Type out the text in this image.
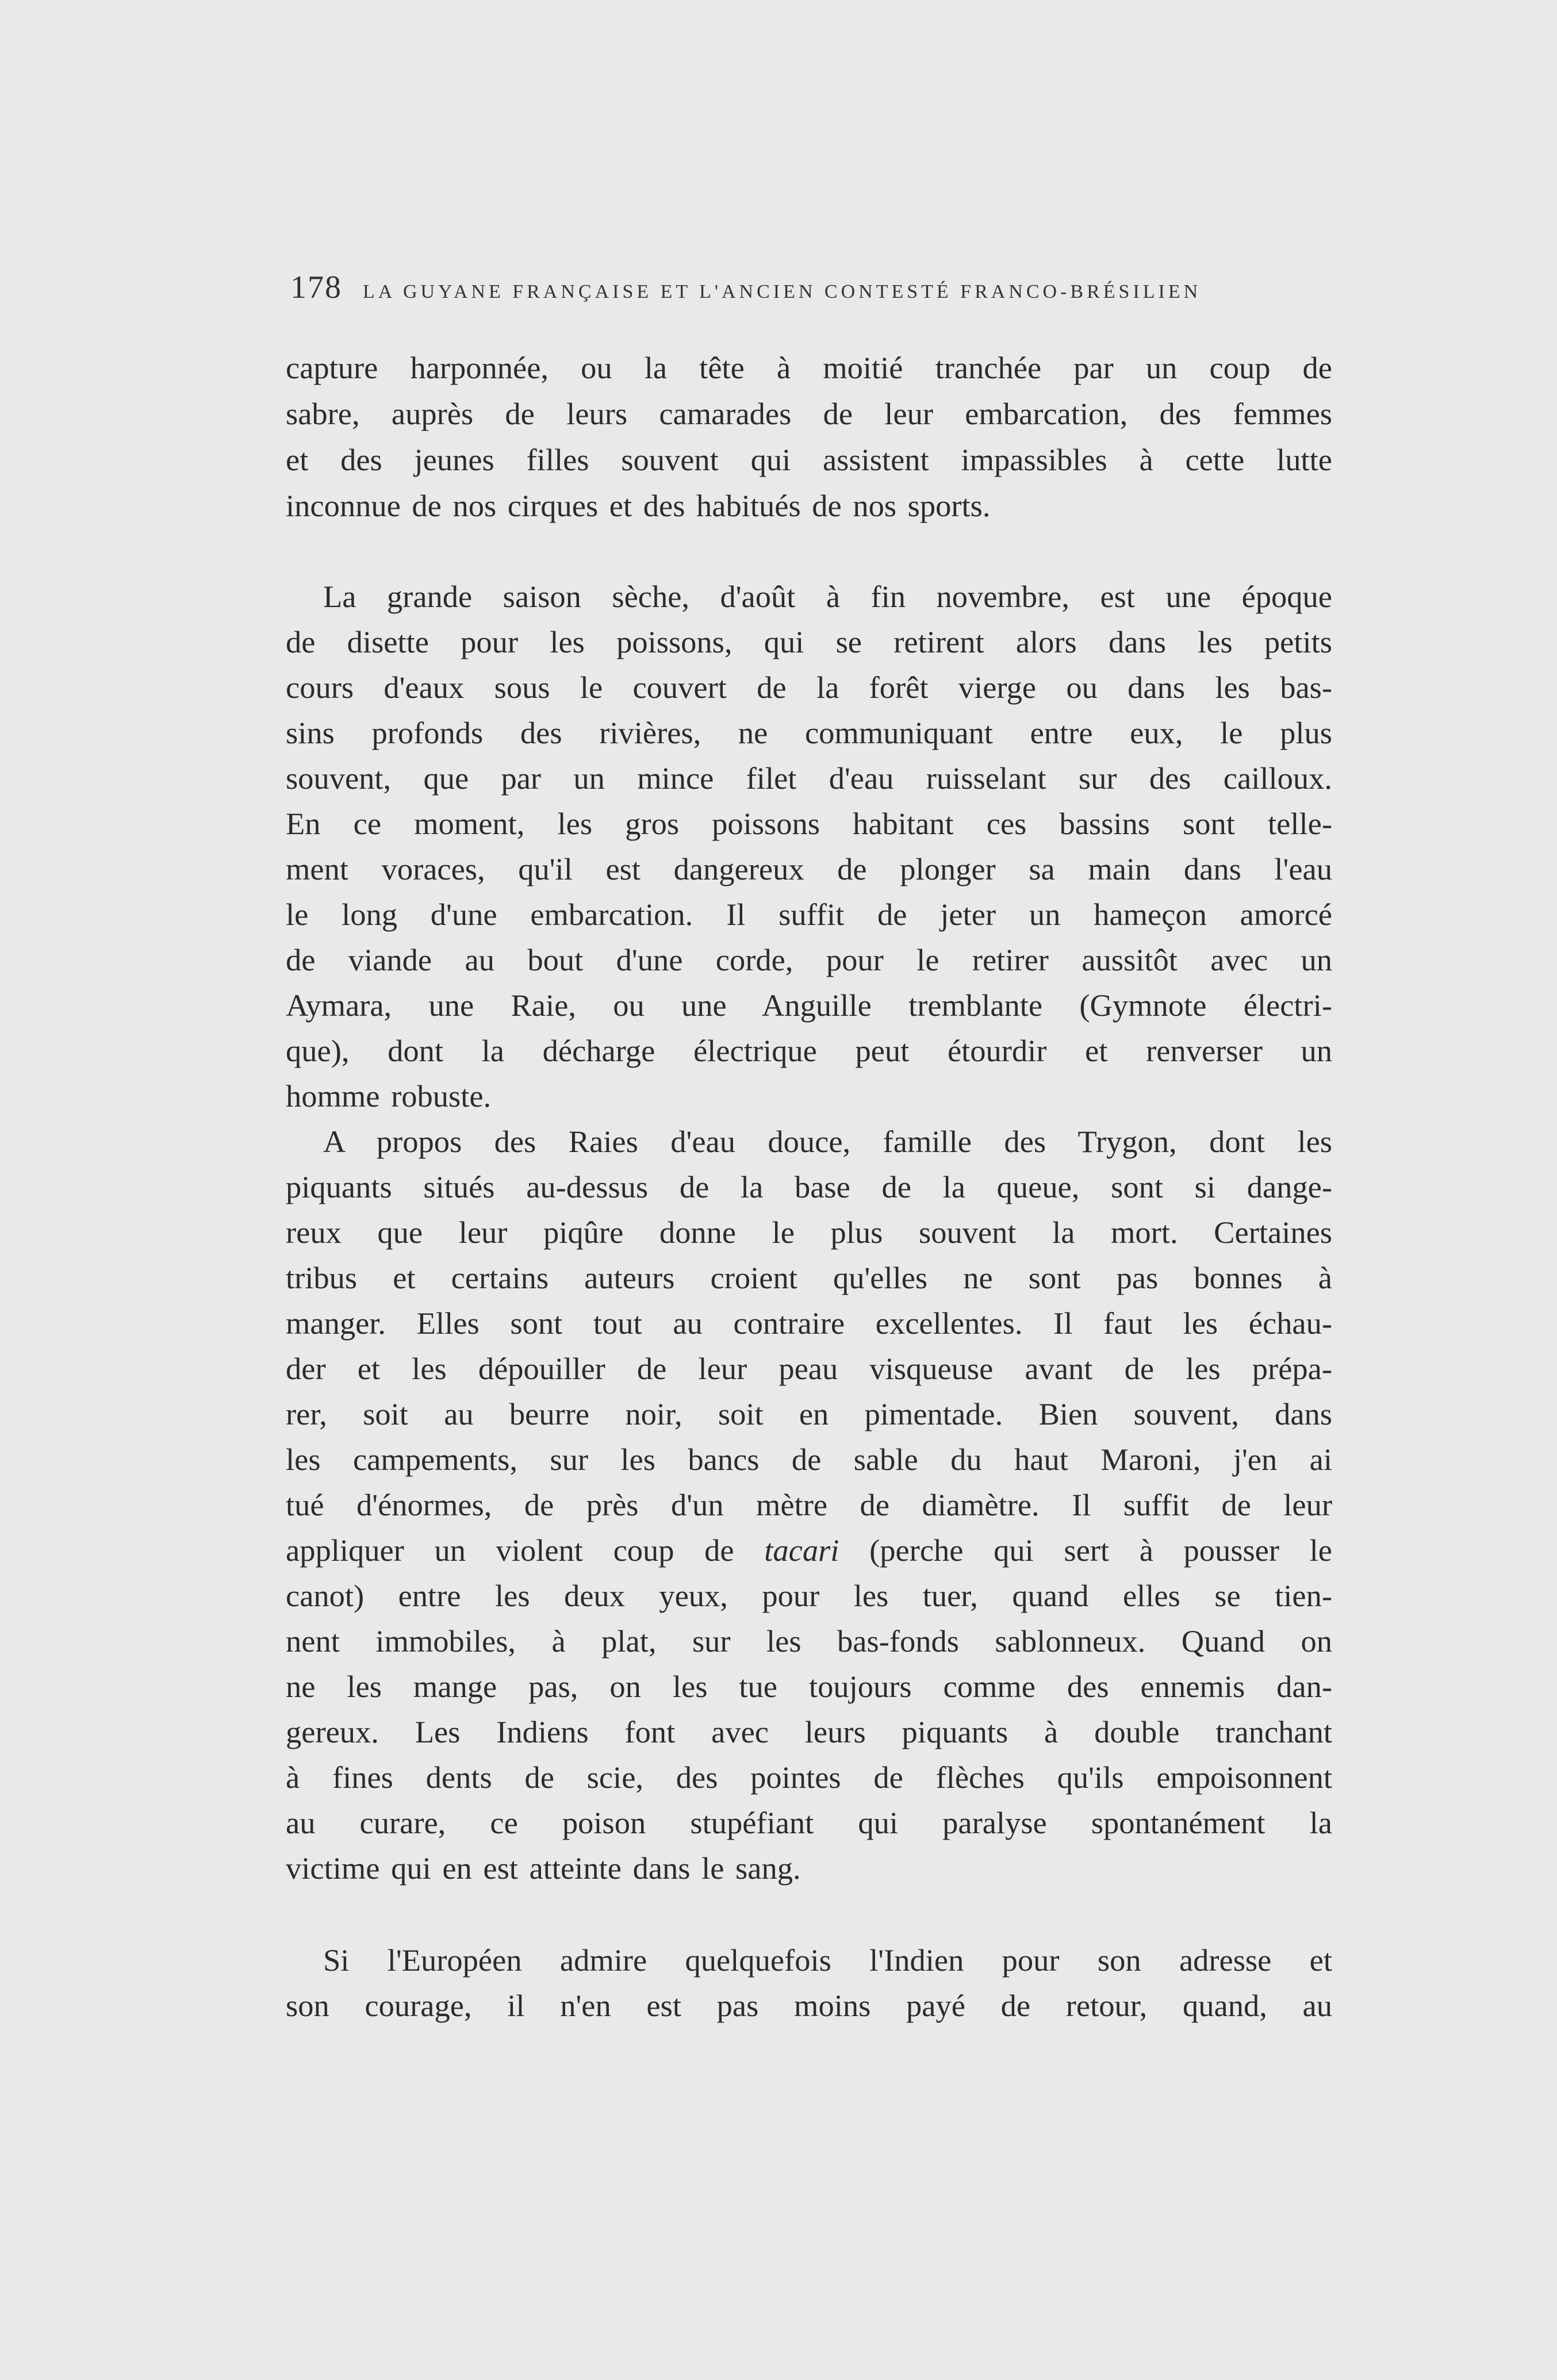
178 LA GUYANE FRANÇAISE ET L'ANCIEN CONTESTÉ FRANCO-BRÉSILIEN
capture harponnée, ou la tête à moitié tranchée par un coup de
sabre, auprès de leurs camarades de leur embarcation, des femmes
et des jeunes filles souvent qui assistent impassibles à cette lutte
inconnue de nos cirques et des habitués de nos sports.
La grande saison sèche, d'août à fin novembre, est une époque
de disette pour les poissons, qui se retirent alors dans les petits
cours d'eaux sous le couvert de la forêt vierge ou dans les bas-
sins profonds des rivières, ne communiquant entre eux, le plus
souvent, que par un mince filet d'eau ruisselant sur des cailloux.
En ce moment, les gros poissons habitant ces bassins sont telle-
ment voraces, qu'il est dangereux de plonger sa main dans l'eau
le long d'une embarcation. Il suffit de jeter un hameçon amorcé
de viande au bout d'une corde, pour le retirer aussitôt avec un
Aymara, une Raie, ou une Anguille tremblante (Gymnote électri-
que), dont la décharge électrique peut étourdir et renverser un
homme robuste.
A propos des Raies d'eau douce, famille des Trygon, dont les
piquants situés au-dessus de la base de la queue, sont si dange-
reux que leur piqûre donne le plus souvent la mort. Certaines
tribus et certains auteurs croient qu'elles ne sont pas bonnes à
manger. Elles sont tout au contraire excellentes. Il faut les échau-
der et les dépouiller de leur peau visqueuse avant de les prépa-
rer, soit au beurre noir, soit en pimentade. Bien souvent, dans
les campements, sur les bancs de sable du haut Maroni, j'en ai
tué d'énormes, de près d'un mètre de diamètre. Il suffit de leur
appliquer un violent coup de tacari (perche qui sert à pousser le
canot) entre les deux yeux, pour les tuer, quand elles se tien-
nent immobiles, à plat, sur les bas-fonds sablonneux. Quand on
ne les mange pas, on les tue toujours comme des ennemis dan-
gereux. Les Indiens font avec leurs piquants à double tranchant
à fines dents de scie, des pointes de flèches qu'ils empoisonnent
au curare, ce poison stupéfiant qui paralyse spontanément la
victime qui en est atteinte dans le sang.
Si l'Européen admire quelquefois l'Indien pour son adresse et
son courage, il n'en est pas moins payé de retour, quand, au
